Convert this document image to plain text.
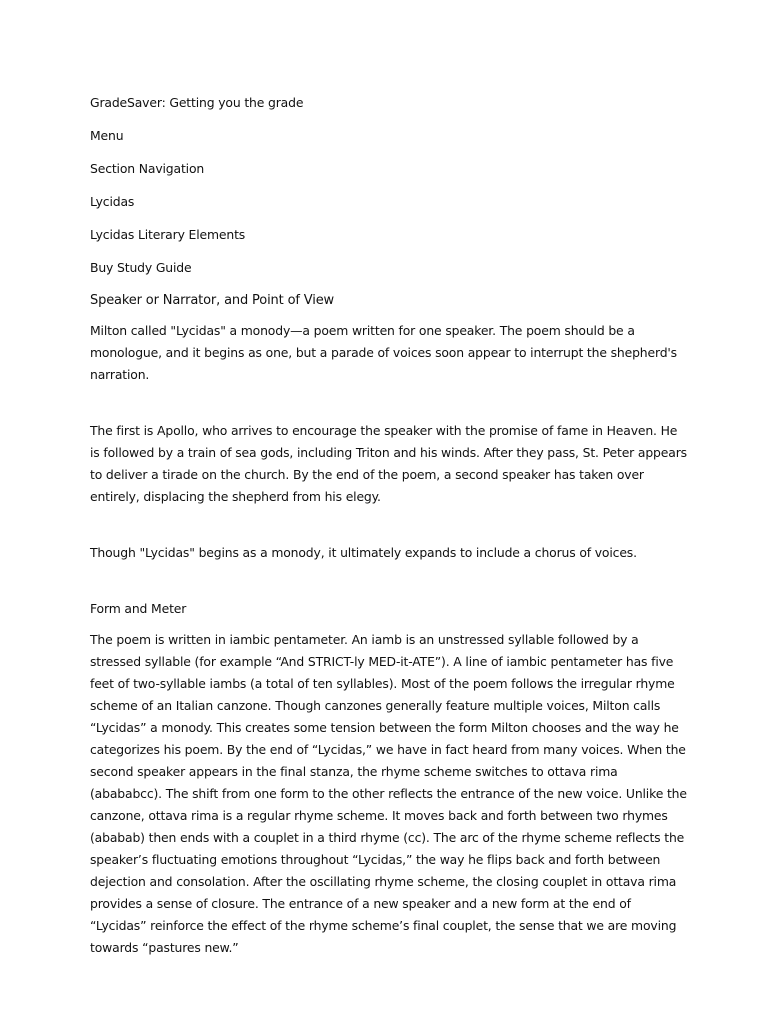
GradeSaver: Getting you the grade

Menu

Section Navigation

Lycidas

Lycidas Literary Elements

Buy Study Guide

Speaker or Narrator, and Point of View

Milton called "Lycidas" a monody—a poem written for one speaker. The poem should be a monologue, and it begins as one, but a parade of voices soon appear to interrupt the shepherd's narration.

The first is Apollo, who arrives to encourage the speaker with the promise of fame in Heaven. He is followed by a train of sea gods, including Triton and his winds. After they pass, St. Peter appears to deliver a tirade on the church. By the end of the poem, a second speaker has taken over entirely, displacing the shepherd from his elegy.

Though "Lycidas" begins as a monody, it ultimately expands to include a chorus of voices.

Form and Meter

The poem is written in iambic pentameter. An iamb is an unstressed syllable followed by a stressed syllable (for example “And STRICT-ly MED-it-ATE”). A line of iambic pentameter has five feet of two-syllable iambs (a total of ten syllables). Most of the poem follows the irregular rhyme scheme of an Italian canzone. Though canzones generally feature multiple voices, Milton calls “Lycidas” a monody. This creates some tension between the form Milton chooses and the way he categorizes his poem. By the end of “Lycidas,” we have in fact heard from many voices. When the second speaker appears in the final stanza, the rhyme scheme switches to ottava rima (abababcc). The shift from one form to the other reflects the entrance of the new voice. Unlike the canzone, ottava rima is a regular rhyme scheme. It moves back and forth between two rhymes (ababab) then ends with a couplet in a third rhyme (cc). The arc of the rhyme scheme reflects the speaker’s fluctuating emotions throughout “Lycidas,” the way he flips back and forth between dejection and consolation. After the oscillating rhyme scheme, the closing couplet in ottava rima provides a sense of closure. The entrance of a new speaker and a new form at the end of “Lycidas” reinforce the effect of the rhyme scheme’s final couplet, the sense that we are moving towards “pastures new.”
